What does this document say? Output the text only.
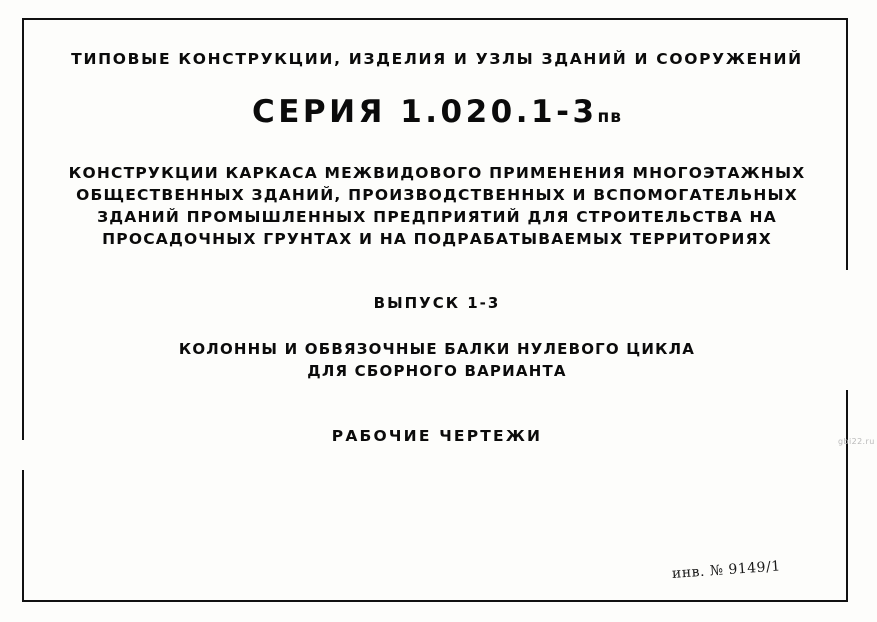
ТИПОВЫЕ КОНСТРУКЦИИ, ИЗДЕЛИЯ И УЗЛЫ ЗДАНИЙ И СООРУЖЕНИЙ
СЕРИЯ 1.020.1-3пв
КОНСТРУКЦИИ КАРКАСА МЕЖВИДОВОГО ПРИМЕНЕНИЯ МНОГОЭТАЖНЫХ
ОБЩЕСТВЕННЫХ ЗДАНИЙ, ПРОИЗВОДСТВЕННЫХ И ВСПОМОГАТЕЛЬНЫХ
ЗДАНИЙ ПРОМЫШЛЕННЫХ ПРЕДПРИЯТИЙ ДЛЯ СТРОИТЕЛЬСТВА НА
ПРОСАДОЧНЫХ ГРУНТАХ И НА ПОДРАБАТЫВАЕМЫХ ТЕРРИТОРИЯХ
ВЫПУСК 1-3
КОЛОННЫ И ОБВЯЗОЧНЫЕ БАЛКИ НУЛЕВОГО ЦИКЛА
ДЛЯ СБОРНОГО ВАРИАНТА
РАБОЧИЕ ЧЕРТЕЖИ	gbi22.ru
инв. № 9149/1
